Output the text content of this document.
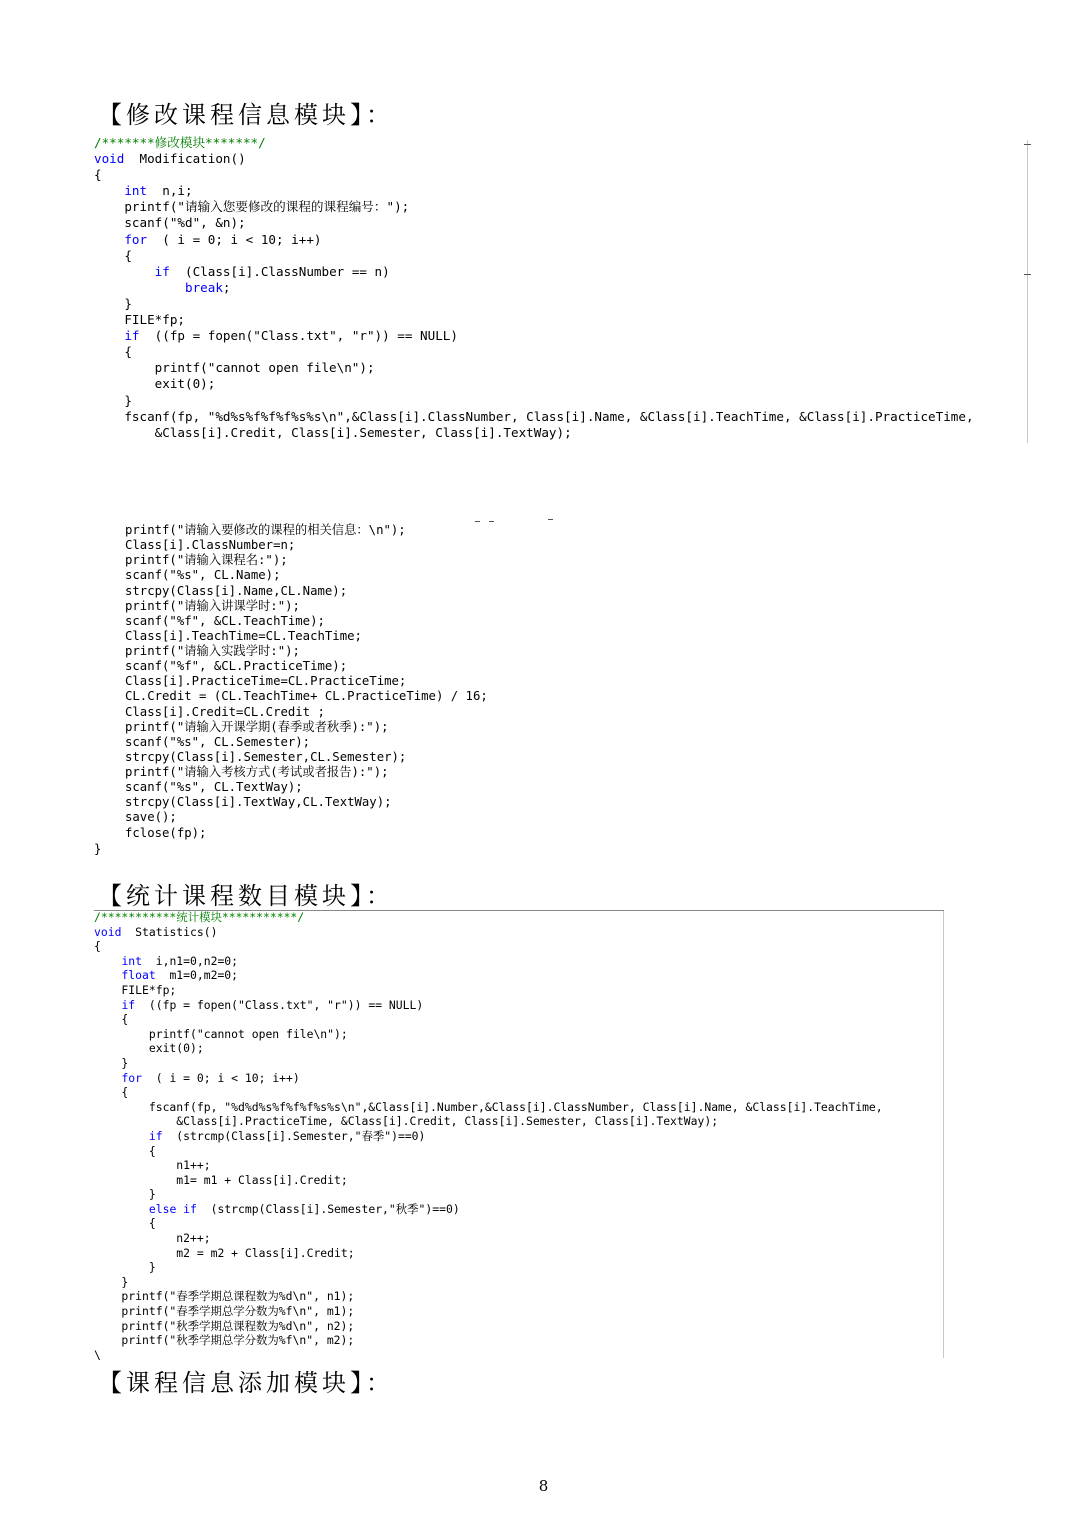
【修改课程信息模块】：
/*******修改模块*******/
void  Modification()
{
int  n,i;
printf("请输入您要修改的课程的课程编号：");
scanf("%d", &n);
for  ( i = 0; i < 10; i++)
{
if  (Class[i].ClassNumber == n)
break;
}
FILE*fp;
if  ((fp = fopen("Class.txt", "r")) == NULL)
{
printf("cannot open file\n");
exit(0);
}
fscanf(fp, "%d%s%f%f%f%s%s\n",&Class[i].ClassNumber, Class[i].Name, &Class[i].TeachTime, &Class[i].PracticeTime,
&Class[i].Credit, Class[i].Semester, Class[i].TextWay);
printf("请输入要修改的课程的相关信息：\n");
Class[i].ClassNumber=n;
printf("请输入课程名:");
scanf("%s", CL.Name);
strcpy(Class[i].Name,CL.Name);
printf("请输入讲课学时:");
scanf("%f", &CL.TeachTime);
Class[i].TeachTime=CL.TeachTime;
printf("请输入实践学时:");
scanf("%f", &CL.PracticeTime);
Class[i].PracticeTime=CL.PracticeTime;
CL.Credit = (CL.TeachTime+ CL.PracticeTime) / 16;
Class[i].Credit=CL.Credit ;
printf("请输入开课学期(春季或者秋季):");
scanf("%s", CL.Semester);
strcpy(Class[i].Semester,CL.Semester);
printf("请输入考核方式(考试或者报告):");
scanf("%s", CL.TextWay);
strcpy(Class[i].TextWay,CL.TextWay);
save();
fclose(fp);
}
【统计课程数目模块】：
/***********统计模块***********/
void  Statistics()
{
int  i,n1=0,n2=0;
float  m1=0,m2=0;
FILE*fp;
if  ((fp = fopen("Class.txt", "r")) == NULL)
{
printf("cannot open file\n");
exit(0);
}
for  ( i = 0; i < 10; i++)
{
fscanf(fp, "%d%d%s%f%f%f%s%s\n",&Class[i].Number,&Class[i].ClassNumber, Class[i].Name, &Class[i].TeachTime,
&Class[i].PracticeTime, &Class[i].Credit, Class[i].Semester, Class[i].TextWay);
if  (strcmp(Class[i].Semester,"春季")==0)
{
n1++;
m1= m1 + Class[i].Credit;
}
else if  (strcmp(Class[i].Semester,"秋季")==0)
{
n2++;
m2 = m2 + Class[i].Credit;
}
}
printf("春季学期总课程数为%d\n", n1);
printf("春季学期总学分数为%f\n", m1);
printf("秋季学期总课程数为%d\n", n2);
printf("秋季学期总学分数为%f\n", m2);
\
【课程信息添加模块】：
8
